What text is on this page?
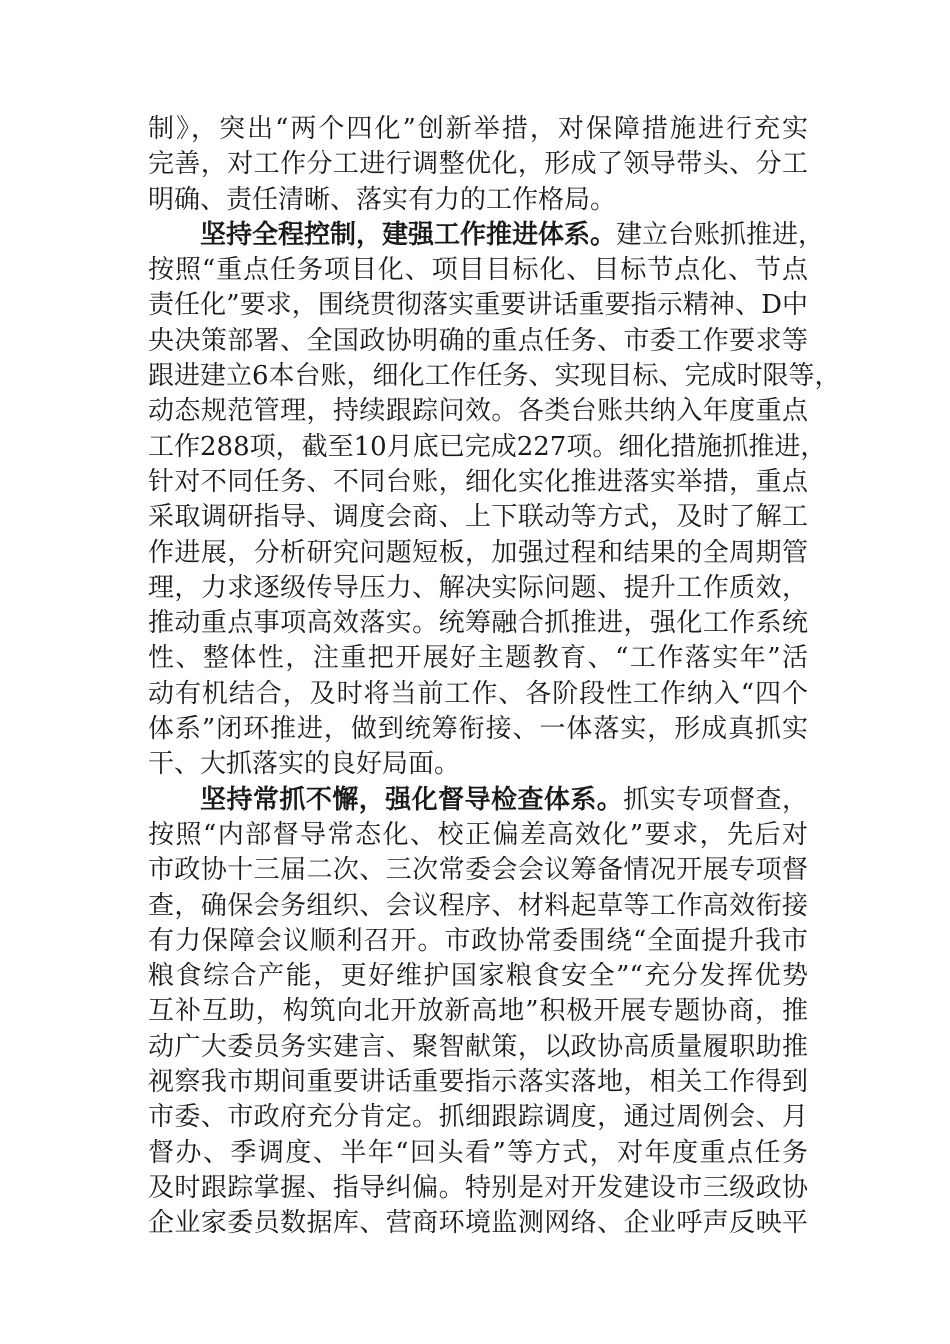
制》，突出“两个四化”创新举措，对保障措施进行充实
完善，对工作分工进行调整优化，形成了领导带头、分工
明确、责任清晰、落实有力的工作格局。
坚持全程控制，建强工作推进体系。建立台账抓推进，
按照“重点任务项目化、项目目标化、目标节点化、节点
责任化”要求，围绕贯彻落实重要讲话重要指示精神、D中
央决策部署、全国政协明确的重点任务、市委工作要求等
跟进建立6本台账，细化工作任务、实现目标、完成时限等，
动态规范管理，持续跟踪问效。各类台账共纳入年度重点
工作288项，截至10月底已完成227项。细化措施抓推进，
针对不同任务、不同台账，细化实化推进落实举措，重点
采取调研指导、调度会商、上下联动等方式，及时了解工
作进展，分析研究问题短板，加强过程和结果的全周期管
理，力求逐级传导压力、解决实际问题、提升工作质效，
推动重点事项高效落实。统筹融合抓推进，强化工作系统
性、整体性，注重把开展好主题教育、“工作落实年”活
动有机结合，及时将当前工作、各阶段性工作纳入“四个
体系”闭环推进，做到统筹衔接、一体落实，形成真抓实
干、大抓落实的良好局面。
坚持常抓不懈，强化督导检查体系。抓实专项督查，
按照“内部督导常态化、校正偏差高效化”要求，先后对
市政协十三届二次、三次常委会会议筹备情况开展专项督
查，确保会务组织、会议程序、材料起草等工作高效衔接
有力保障会议顺利召开。市政协常委围绕“全面提升我市
粮食综合产能，更好维护国家粮食安全”“充分发挥优势
互补互助，构筑向北开放新高地”积极开展专题协商，推
动广大委员务实建言、聚智献策，以政协高质量履职助推
视察我市期间重要讲话重要指示落实落地，相关工作得到
市委、市政府充分肯定。抓细跟踪调度，通过周例会、月
督办、季调度、半年“回头看”等方式，对年度重点任务
及时跟踪掌握、指导纠偏。特别是对开发建设市三级政协
企业家委员数据库、营商环境监测网络、企业呼声反映平
